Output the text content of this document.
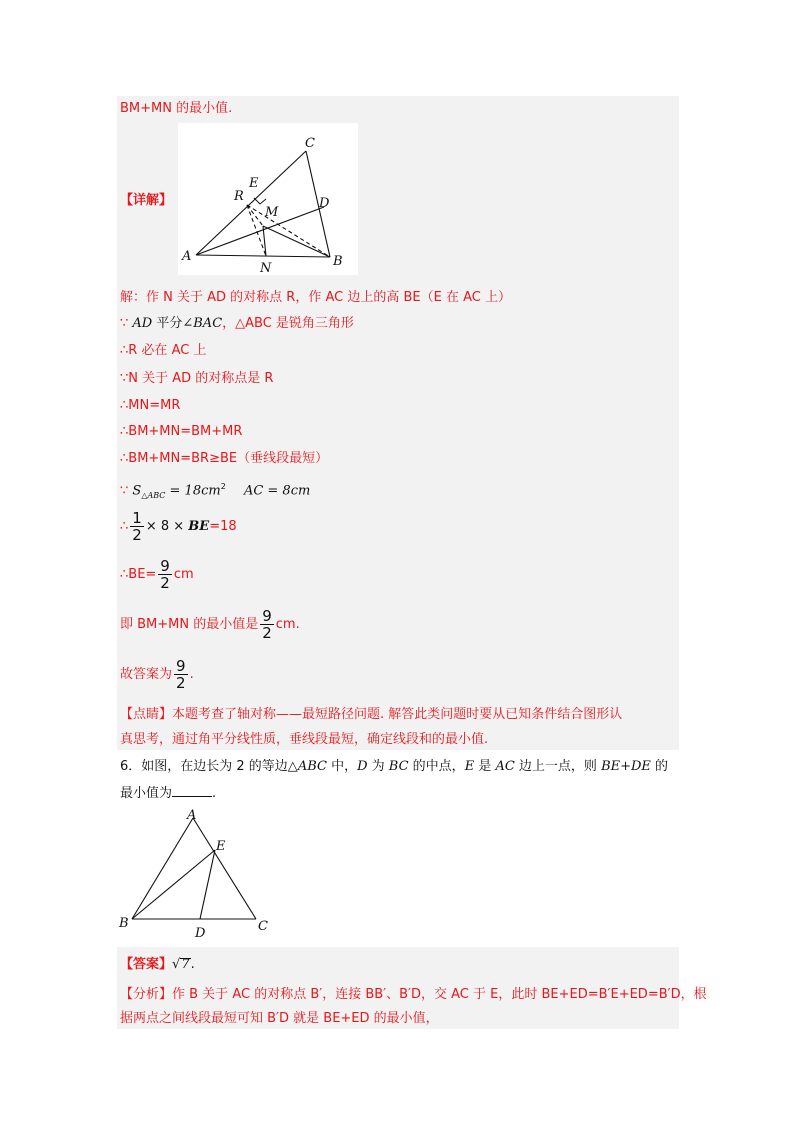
BM+MN 的最小值.
C
E
R
M
D
A
N	B
【详解】
解：作 N 关于 AD 的对称点 R，作 AC 边上的高 BE（E 在 AC 上）
∵ AD 平分∠BAC，△ABC 是锐角三角形
∴R 必在 AC 上
∵N 关于 AD 的对称点是 R
∴MN=MR
∴BM+MN=BM+MR
∴BM+MN=BR≥BE（垂线段最短）
∵ $S_{\triangle ABC} = 18cm^2$ AC = 8cm
∴ $\frac{1}{2} \times 8 \times BE=18$
∴BE= $\frac{9}{2}$ cm
即 BM+MN 的最小值是 $\frac{9}{2}$ cm.
故答案为 $\frac{9}{2}$ .
【点睛】本题考查了轴对称——最短路径问题. 解答此类问题时要从已知条件结合图形认
真思考，通过角平分线性质，垂线段最短，确定线段和的最小值.
6．如图，在边长为 2 的等边△ABC 中，D 为 BC 的中点，E 是 AC 边上一点，则 BE+DE 的
最小值为	.
A
E
B
D	C
【答案】√7.
【分析】作 B 关于 AC 的对称点 B′，连接 BB′、B′D，交 AC 于 E，此时 BE+ED=B′E+ED=B′D，根
据两点之间线段最短可知 B′D 就是 BE+ED 的最小值，
